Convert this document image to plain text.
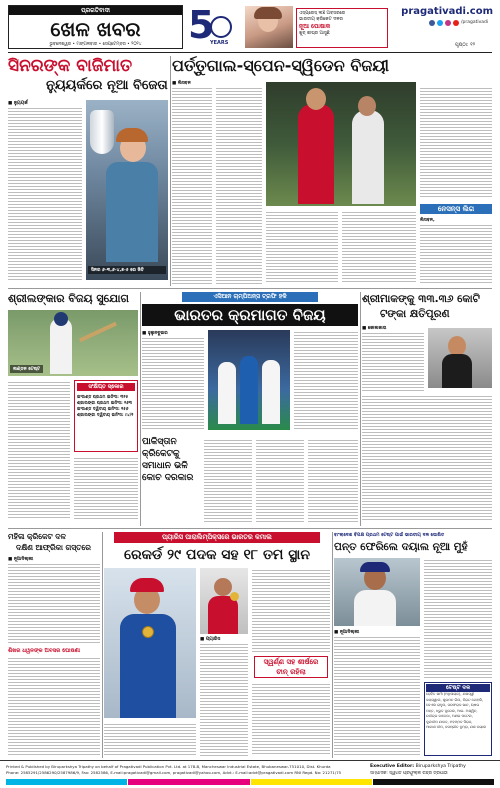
ପ୍ରଗତିବାଦୀ
ଖେଳ ଖବର
ଭୁବନେଶ୍ୱର • ମଙ୍ଗଳବାର • ସେପ୍ଟେମ୍ବର • ୨୦୨୪	5
YEARS
ଏସ୍‌ପ୍ରେସ୍ ଲଞ୍ଚ ଅବସରରେ
ଭାରତୀୟ କ୍ରିକେଟ ଦଳର
ନୂଆ ପୋଷାକ
ଖୁବ୍ ଶୀଘ୍ର ଆସୁଛି
pragativadi.com
/pragativadi
ପୃଷ୍ଠା: ୧୨
ସିନରଙ୍କ ବାଜିମାତ
ନ୍ୟୁୟର୍କରେ ନୂଆ ବିଜେତା
■ ନ୍ୟୁୟର୍କ
ସିନର ୬-୩,୬-୪,୭-୫ ରେ ଜିତି
ପର୍ତ୍ତୁଗାଲ-ସ୍ପେନ-ସ୍ୱିଡେନ ବିଜୟୀ
■ ଲିସବନ
ନେସନ୍ସ ଲିଗ
ଲିସବନ,
ଶ୍ରୀଲଙ୍କାର ବିଜୟ ସୁଯୋଗ
ଲଣ୍ଡନ ଟେଷ୍ଟ
ସଂକ୍ଷିପ୍ତ ସ୍କୋର
ଇଂଲଣ୍ଡ ପ୍ରଥମ ଇନିଂସ: ୩୨୫
ଶ୍ରୀଲଙ୍କା ପ୍ରଥମ ଇନିଂସ: ୨୬୩
ଇଂଲଣ୍ଡ ଦ୍ୱିତୀୟ ଇନିଂସ: ୧୫୬
ଶ୍ରୀଲଙ୍କା ଦ୍ୱିତୀୟ ଇନିଂସ: ୯୪/୧
ଏସିଆନ ଚାମ୍ପିଅନ୍ସ ଟ୍ରଫି ହକି
ଭାରତର କ୍ରମାଗତ ବିଜୟ
■ ହୁଲୁନବୁଇର
ଶ୍ରୀମାକଙ୍କୁ ୩୩.୩୬ କୋଟି
ଟଙ୍କା କ୍ଷତିପୂରଣ
■ କୋଲକାତା
ପାକିସ୍ତାନ
କ୍ରିକେଟକୁ
ସମାଧାନ ଭଳି
କୋଚ ଦରକାର
ମହିଳା କ୍ରିକେଟ ଦଳ
ଦକ୍ଷିଣ ଆଫ୍ରିକା ଗସ୍ତରେ
■ ନୂଆଦିଲ୍ଲୀ
ଶିଖର ଧୱନଙ୍କ ଅବସର ଘୋଷଣା
ପ୍ୟାରିସ ପାରାଲିମ୍ପିକ୍ସରେ ଭାରତର କମାଲ
ରେକର୍ଡ ୨୯ ପଦକ ସହ ୧୮ ତମ ସ୍ଥାନ
■ ପ୍ୟାରିସ
ସ୍ୱର୍ଣ୍ଣ ସହ ଶୀର୍ଷରେ
ଚୀନ୍ ରହିଲା
ବାଂଲାଦେଶ ବିପକ୍ଷ ପ୍ରଥମ ଟେଷ୍ଟ ପାଇଁ ଭାରତୀୟ ଦଳ ଘୋଷିତ
ପନ୍ତ ଫେରିଲେ ଦୟାଲ ନୂଆ ମୁହଁ
■ ନୂଆଦିଲ୍ଲୀ
ଟେଷ୍ଟ ଦଳ
ରୋହିତ ଶର୍ମା (ଅଧିନାୟକ), ଯଶସ୍ୱୀ
ଜୟସ୍ୱାଲ, ଶୁଭମନ ଗିଲ, ବିରାଟ କୋହଲି,
କେଏଲ ରାହୁଲ, ସରଫରାଜ ଖାନ, ଋଷଭ
ପନ୍ତ, ଧ୍ରୁବ ଜୁରେଲ, ଆର. ଅଶ୍ୱିନ,
ରବୀନ୍ଦ୍ର ଜାଡେଜା, ଅକ୍ଷର ପଟେଲ,
କୁଲଦୀପ ଯାଦବ, ମହମ୍ମଦ ସିରାଜ,
ଆକାଶ ଦୀପ, ଜସପ୍ରୀତ ବୁମ୍ରା, ଯଶ ଦୟାଲ
Printed & Published by Biruparkshya Tripathy on behalf of Pragativadi Publication Pvt. Ltd. at 178-B, Mancheswar Industrial Estate, Bhubaneswar-751010, Dist. Khurda
Phone: 2585291/2586290/2587986/9, Fax: 2582586, E-mail:pragativadi@gmail.com, pragativadi@yahoo.com, Advt.: E-mail:advt@pragativadi.com RNI Regd. No: 21271/75
Executive Editor: Biruparkshya Tripathy
ସମ୍ପାଦକ: ସ୍ୱର୍ଗତ ପ୍ରଫୁଲ୍ଲ ଚନ୍ଦ୍ର ତ୍ରିପାଠୀ
